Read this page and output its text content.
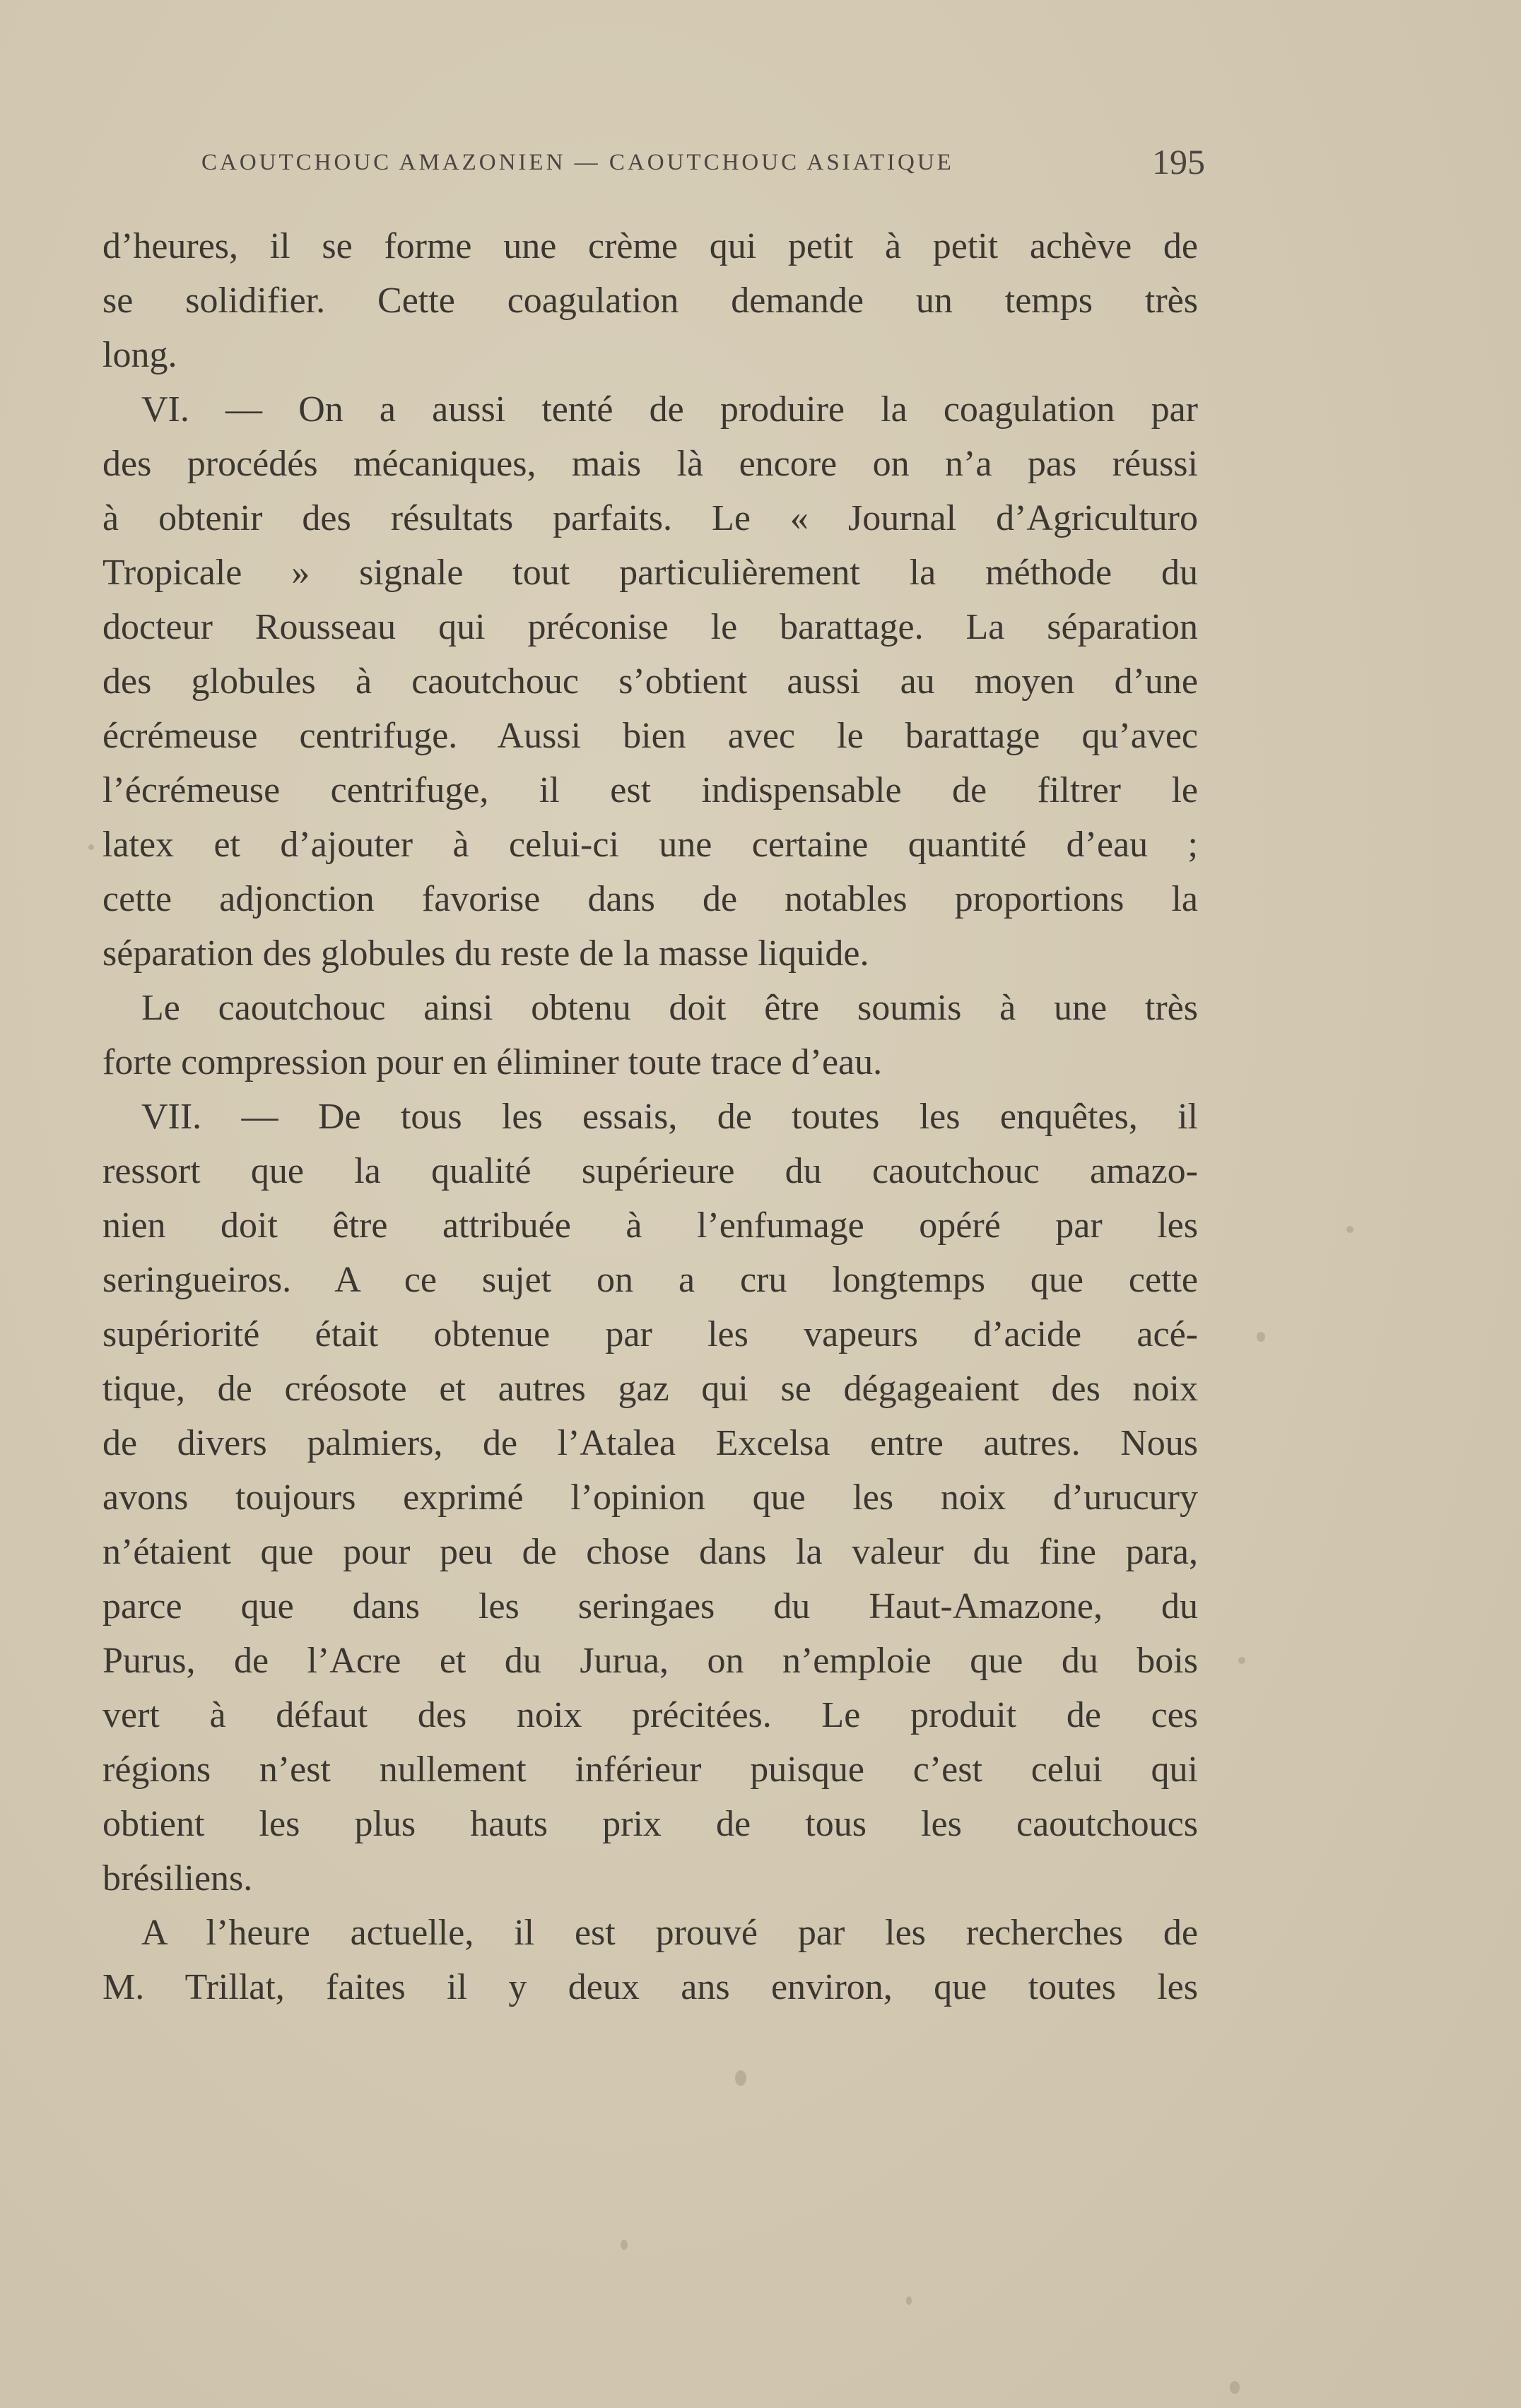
CAOUTCHOUC AMAZONIEN — CAOUTCHOUC ASIATIQUE	195
d’heures, il se forme une crème qui petit à petit achève de
se solidifier. Cette coagulation demande un temps très
long.
VI. — On a aussi tenté de produire la coagulation par
des procédés mécaniques, mais là encore on n’a pas réussi
à obtenir des résultats parfaits. Le « Journal d’Agriculturo
Tropicale » signale tout particulièrement la méthode du
docteur Rousseau qui préconise le barattage. La séparation
des globules à caoutchouc s’obtient aussi au moyen d’une
écrémeuse centrifuge. Aussi bien avec le barattage qu’avec
l’écrémeuse centrifuge, il est indispensable de filtrer le
latex et d’ajouter à celui-ci une certaine quantité d’eau ;
cette adjonction favorise dans de notables proportions la
séparation des globules du reste de la masse liquide.
Le caoutchouc ainsi obtenu doit être soumis à une très
forte compression pour en éliminer toute trace d’eau.
VII. — De tous les essais, de toutes les enquêtes, il
ressort que la qualité supérieure du caoutchouc amazo-
nien doit être attribuée à l’enfumage opéré par les
seringueiros. A ce sujet on a cru longtemps que cette
supériorité était obtenue par les vapeurs d’acide acé-
tique, de créosote et autres gaz qui se dégageaient des noix
de divers palmiers, de l’Atalea Excelsa entre autres. Nous
avons toujours exprimé l’opinion que les noix d’urucury
n’étaient que pour peu de chose dans la valeur du fine para,
parce que dans les seringaes du Haut-Amazone, du
Purus, de l’Acre et du Jurua, on n’emploie que du bois
vert à défaut des noix précitées. Le produit de ces
régions n’est nullement inférieur puisque c’est celui qui
obtient les plus hauts prix de tous les caoutchoucs
brésiliens.
A l’heure actuelle, il est prouvé par les recherches de
M. Trillat, faites il y deux ans environ, que toutes les
